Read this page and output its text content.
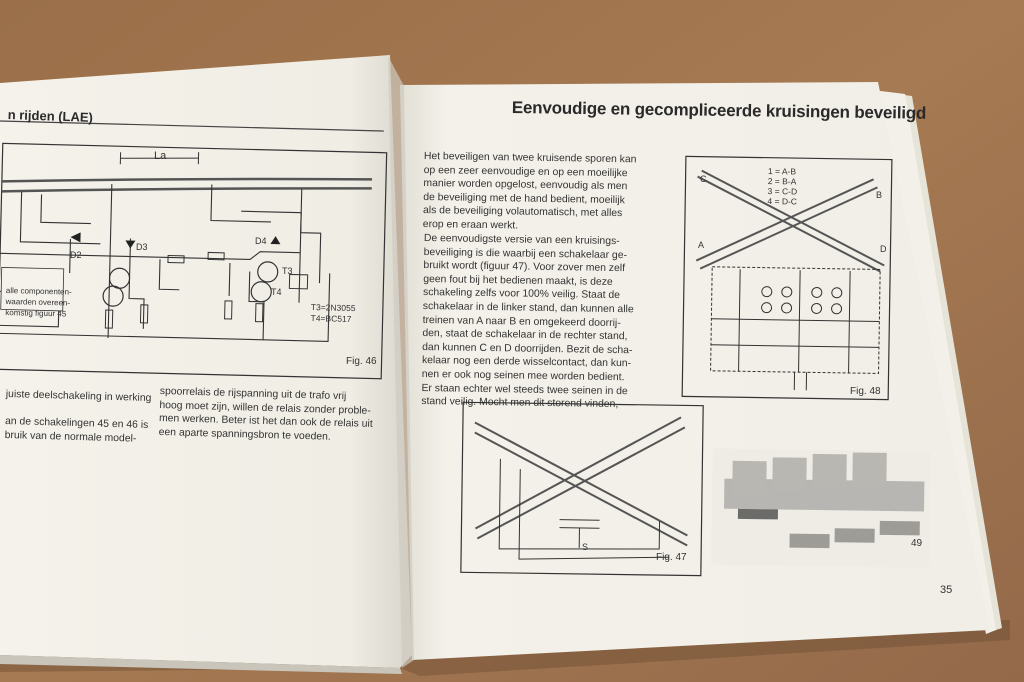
n rijden (LAE)
La
D2
D3
D4
T3
T4
alle componenten-
waarden overeen-
komstig figuur 45
T3=2N3055
T4=BC517
Fig. 46
juiste deelschakeling in werking

an de schakelingen 45 en 46 is
bruik van de normale model-
spoorrelais de rijspanning uit de trafo vrij
hoog moet zijn, willen de relais zonder proble-
men werken. Beter ist het dan ook de relais uit
een aparte spanningsbron te voeden.
Eenvoudige en gecompliceerde kruisingen beveiligd
Het beveiligen van twee kruisende sporen kan
op een zeer eenvoudige en op een moeilijke
manier worden opgelost, eenvoudig als men
de beveiliging met de hand bedient, moeilijk
als de beveiliging volautomatisch, met alles
erop en eraan werkt.
De eenvoudigste versie van een kruisings-
beveiliging is die waarbij een schakelaar ge-
bruikt wordt (figuur 47). Voor zover men zelf
geen fout bij het bedienen maakt, is deze
schakeling zelfs voor 100% veilig. Staat de
schakelaar in de linker stand, dan kunnen alle
treinen van A naar B en omgekeerd doorrij-
den, staat de schakelaar in de rechter stand,
dan kunnen C en D doorrijden. Bezit de scha-
kelaar nog een derde wisselcontact, dan kun-
nen er ook nog seinen mee worden bedient.
Er staan echter wel steeds twee seinen in de
stand veilig. Mocht men dit storend vinden,
1 = A-B
2 = B-A
3 = C-D
4 = D-C
A
B
C
D
Fig. 48
S
Fig. 47
49
35
